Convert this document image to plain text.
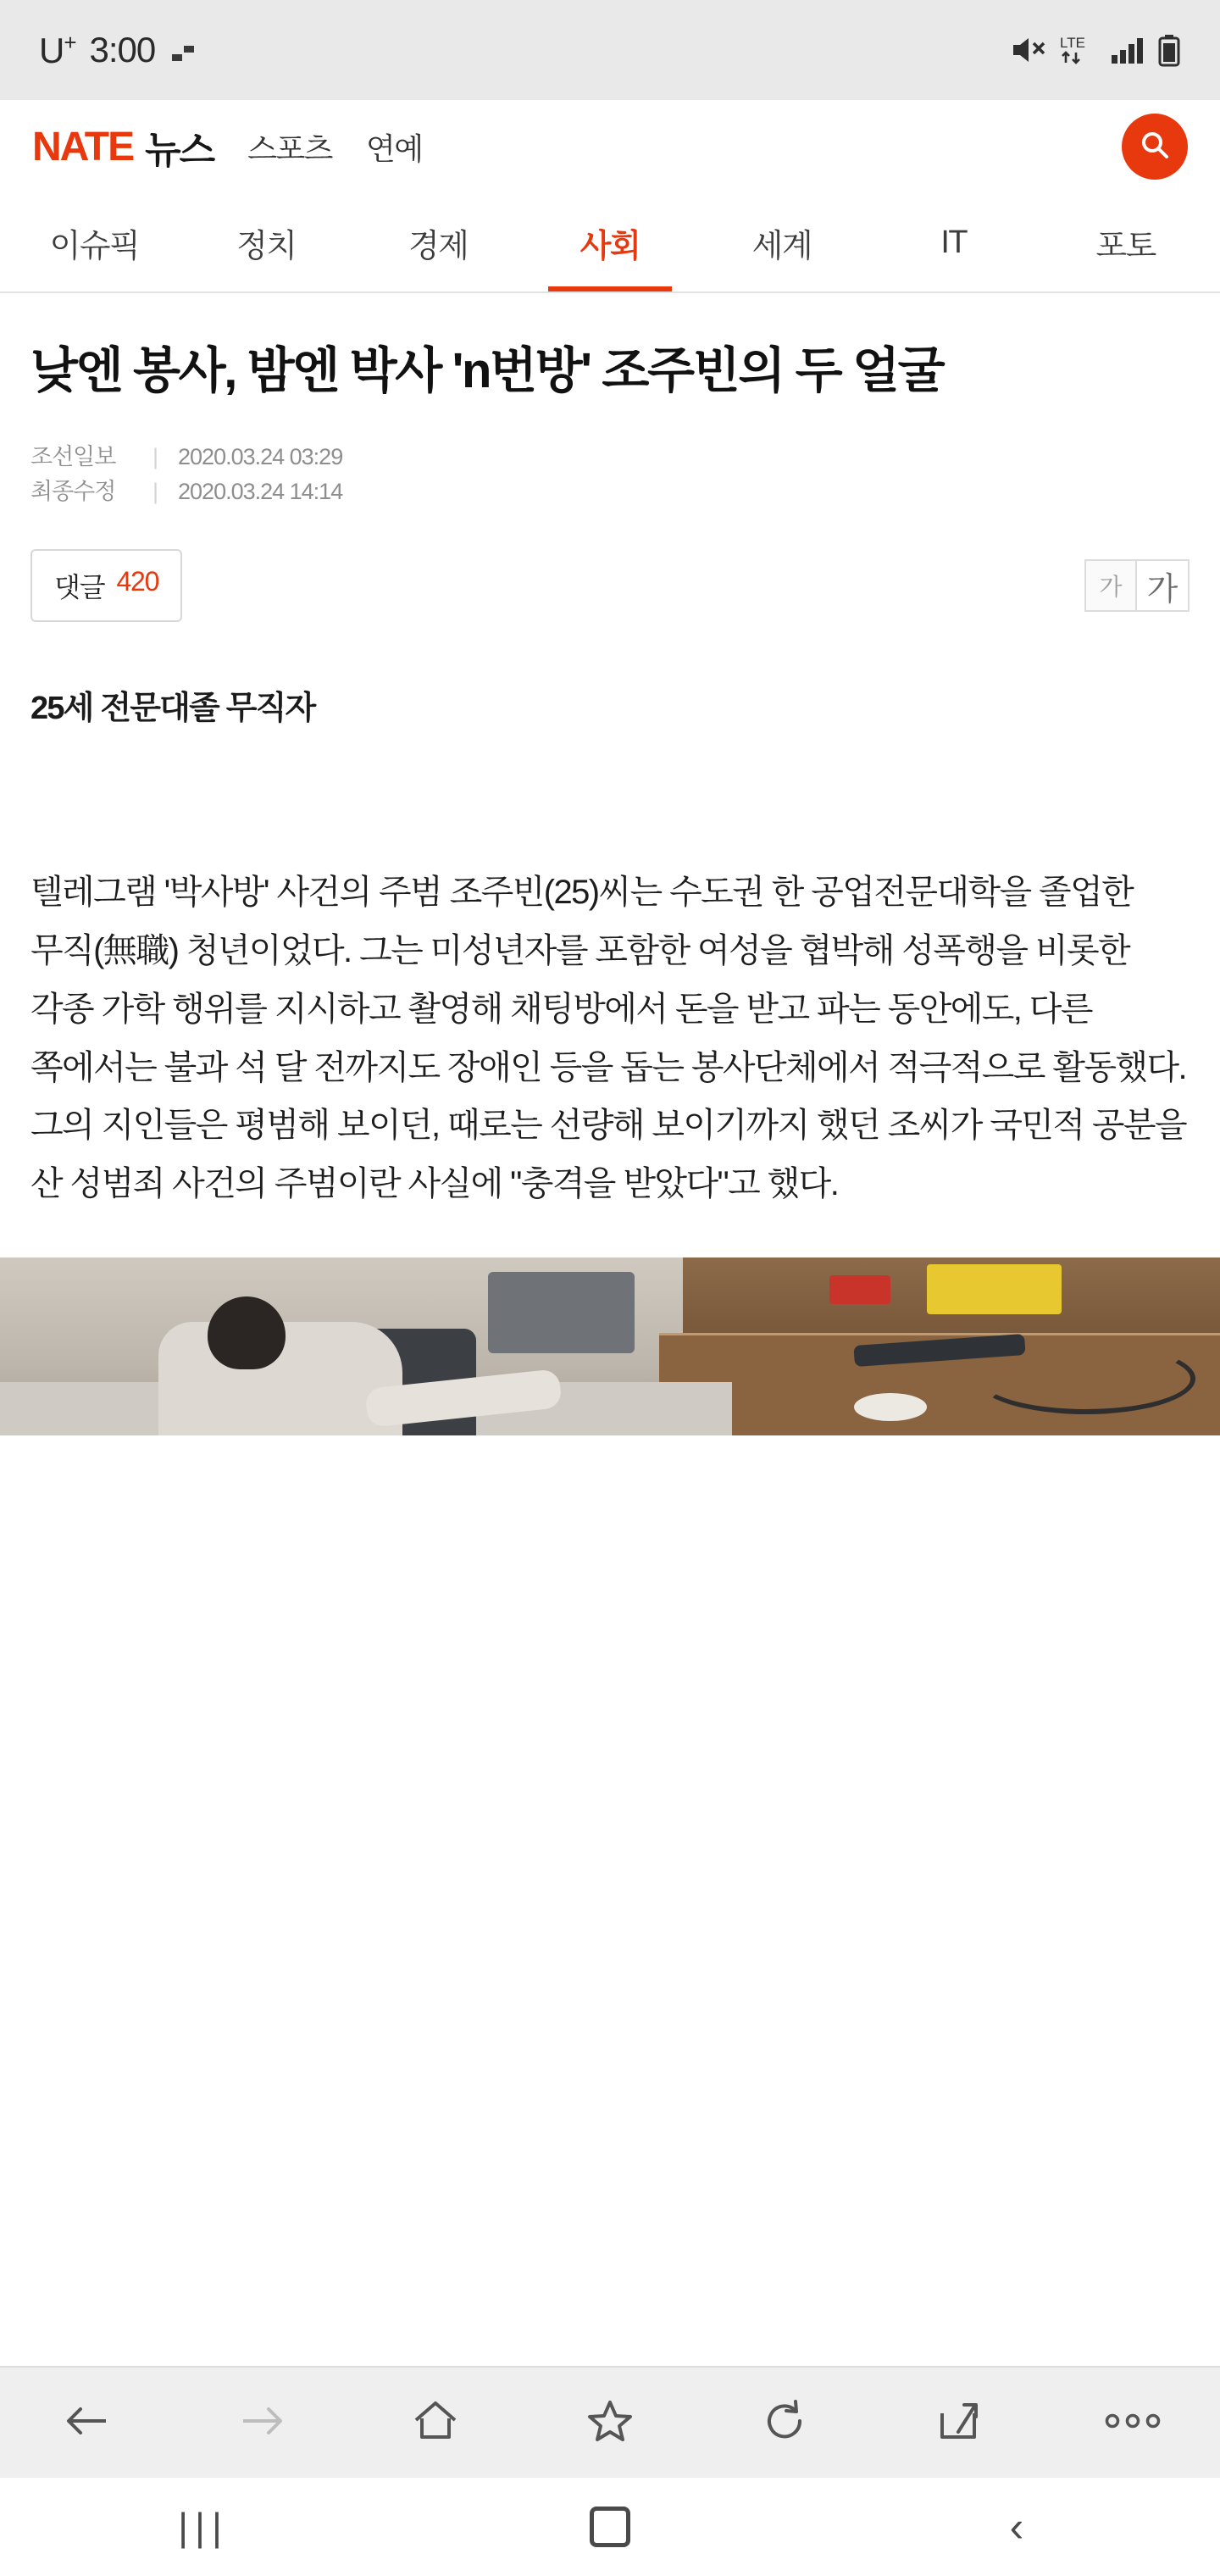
U+ 3:00	LTE
NATE 뉴스 스포츠 연예
이슈픽	정치	경제	사회	세계	IT	포토
낮엔 봉사, 밤엔 박사 'n번방' 조주빈의 두 얼굴
조선일보	| 2020.03.24 03:29
최종수정	| 2020.03.24 14:14
댓글 420	가 가
25세 전문대졸 무직자

텔레그램 '박사방' 사건의 주범 조주빈(25)씨는 수도권 한 공업전문대학을 졸업한 무직(無職) 청년이었다. 그는 미성년자를 포함한 여성을 협박해 성폭행을 비롯한 각종 가학 행위를 지시하고 촬영해 채팅방에서 돈을 받고 파는 동안에도, 다른 쪽에서는 불과 석 달 전까지도 장애인 등을 돕는 봉사단체에서 적극적으로 활동했다. 그의 지인들은 평범해 보이던, 때로는 선량해 보이기까지 했던 조씨가 국민적 공분을 산 성범죄 사건의 주범이란 사실에 "충격을 받았다"고 했다.

|||	‹
